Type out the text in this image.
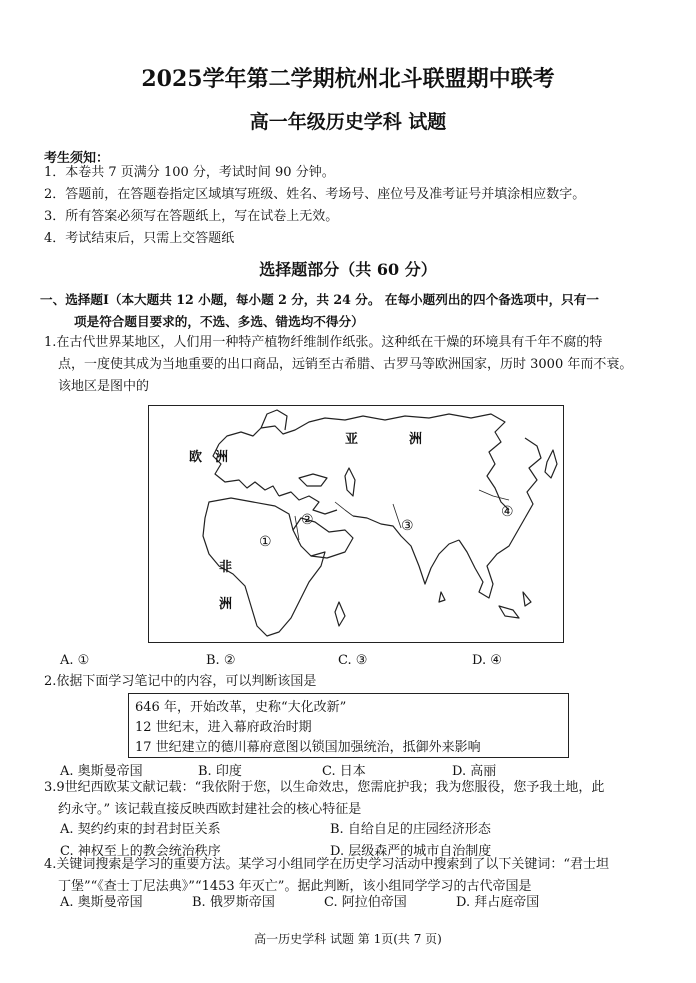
2025学年第二学期杭州北斗联盟期中联考
高一年级历史学科 试题
考生须知：
1．本卷共 7 页满分 100 分，考试时间 90 分钟。
2．答题前，在答题卷指定区域填写班级、姓名、考场号、座位号及准考证号并填涂相应数字。
3．所有答案必须写在答题纸上，写在试卷上无效。
4．考试结束后，只需上交答题纸
选择题部分（共 60 分）
一、选择题Ⅰ（本大题共 12 小题，每小题 2 分，共 24 分。 在每小题列出的四个备选项中，只有一
项是符合题目要求的，不选、多选、错选均不得分）
1.在古代世界某地区，人们用一种特产植物纤维制作纸张。这种纸在干燥的环境具有千年不腐的特
点，一度使其成为当地重要的出口商品，远销至古希腊、古罗马等欧洲国家，历时 3000 年而不衰。
该地区是图中的
欧　洲
亚	洲
非
洲
①
②	③
④
A. ①	B. ②	C. ③	D. ④
2.依据下面学习笔记中的内容，可以判断该国是
646 年，开始改革，史称“大化改新”
12 世纪末，进入幕府政治时期
17 世纪建立的德川幕府意图以锁国加强统治，抵御外来影响
A. 奥斯曼帝国	B. 印度	C. 日本	D. 高丽
3.9世纪西欧某文献记载：“我依附于您，以生命效忠，您需庇护我；我为您服役，您予我土地，此
约永守。” 该记载直接反映西欧封建社会的核心特征是
A. 契约约束的封君封臣关系	B. 自给自足的庄园经济形态
C. 神权至上的教会统治秩序	D. 层级森严的城市自治制度
4.关键词搜索是学习的重要方法。某学习小组同学在历史学习活动中搜索到了以下关键词：“君士坦
丁堡”“《查士丁尼法典》”“1453 年灭亡”。据此判断，该小组同学学习的古代帝国是
A. 奥斯曼帝国	B. 俄罗斯帝国	C. 阿拉伯帝国	D. 拜占庭帝国
高一历史学科 试题 第 1页(共 7 页)
